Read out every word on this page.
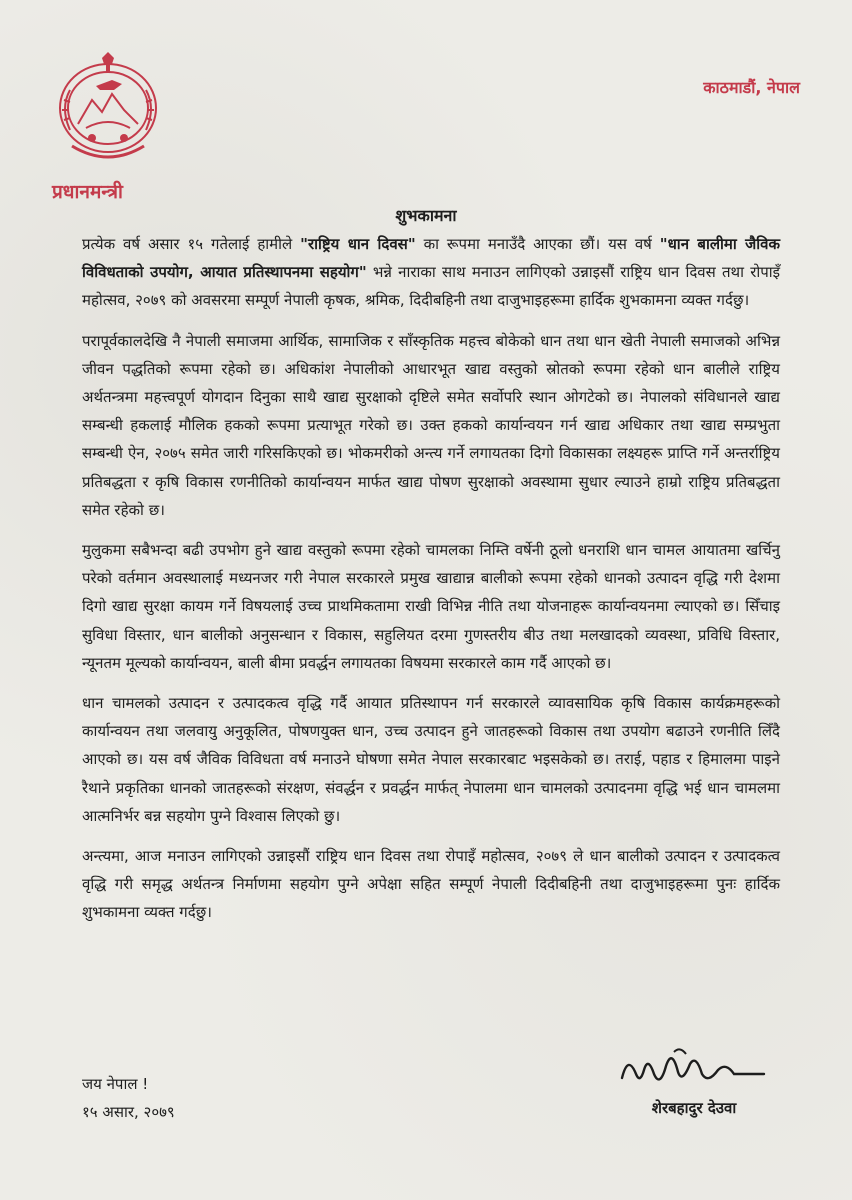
प्रधानमन्त्री
काठमाडौं, नेपाल
शुभकामना

प्रत्येक वर्ष असार १५ गतेलाई हामीले "राष्ट्रिय धान दिवस" का रूपमा मनाउँदै आएका छौं। यस वर्ष "धान बालीमा जैविक विविधताको उपयोग, आयात प्रतिस्थापनमा सहयोग" भन्ने नाराका साथ मनाउन लागिएको उन्नाइसौं राष्ट्रिय धान दिवस तथा रोपाइँ महोत्सव, २०७९ को अवसरमा सम्पूर्ण नेपाली कृषक, श्रमिक, दिदीबहिनी तथा दाजुभाइहरूमा हार्दिक शुभकामना व्यक्त गर्दछु।

परापूर्वकालदेखि नै नेपाली समाजमा आर्थिक, सामाजिक र साँस्कृतिक महत्त्व बोकेको धान तथा धान खेती नेपाली समाजको अभिन्न जीवन पद्धतिको रूपमा रहेको छ। अधिकांश नेपालीको आधारभूत खाद्य वस्तुको स्रोतको रूपमा रहेको धान बालीले राष्ट्रिय अर्थतन्त्रमा महत्त्वपूर्ण योगदान दिनुका साथै खाद्य सुरक्षाको दृष्टिले समेत सर्वोपरि स्थान ओगटेको छ। नेपालको संविधानले खाद्य सम्बन्धी हकलाई मौलिक हकको रूपमा प्रत्याभूत गरेको छ। उक्त हकको कार्यान्वयन गर्न खाद्य अधिकार तथा खाद्य सम्प्रभुता सम्बन्धी ऐन, २०७५ समेत जारी गरिसकिएको छ। भोकमरीको अन्त्य गर्ने लगायतका दिगो विकासका लक्ष्यहरू प्राप्ति गर्ने अन्तर्राष्ट्रिय प्रतिबद्धता र कृषि विकास रणनीतिको कार्यान्वयन मार्फत खाद्य पोषण सुरक्षाको अवस्थामा सुधार ल्याउने हाम्रो राष्ट्रिय प्रतिबद्धता समेत रहेको छ।

मुलुकमा सबैभन्दा बढी उपभोग हुने खाद्य वस्तुको रूपमा रहेको चामलका निम्ति वर्षेनी ठूलो धनराशि धान चामल आयातमा खर्चिनु परेको वर्तमान अवस्थालाई मध्यनजर गरी नेपाल सरकारले प्रमुख खाद्यान्न बालीको रूपमा रहेको धानको उत्पादन वृद्धि गरी देशमा दिगो खाद्य सुरक्षा कायम गर्ने विषयलाई उच्च प्राथमिकतामा राखी विभिन्न नीति तथा योजनाहरू कार्यान्वयनमा ल्याएको छ। सिँचाइ सुविधा विस्तार, धान बालीको अनुसन्धान र विकास, सहुलियत दरमा गुणस्तरीय बीउ तथा मलखादको व्यवस्था, प्रविधि विस्तार, न्यूनतम मूल्यको कार्यान्वयन, बाली बीमा प्रवर्द्धन लगायतका विषयमा सरकारले काम गर्दै आएको छ।

धान चामलको उत्पादन र उत्पादकत्व वृद्धि गर्दै आयात प्रतिस्थापन गर्न सरकारले व्यावसायिक कृषि विकास कार्यक्रमहरूको कार्यान्वयन तथा जलवायु अनुकूलित, पोषणयुक्त धान, उच्च उत्पादन हुने जातहरूको विकास तथा उपयोग बढाउने रणनीति लिँदै आएको छ। यस वर्ष जैविक विविधता वर्ष मनाउने घोषणा समेत नेपाल सरकारबाट भइसकेको छ। तराई, पहाड र हिमालमा पाइने रैथाने प्रकृतिका धानको जातहरूको संरक्षण, संवर्द्धन र प्रवर्द्धन मार्फत् नेपालमा धान चामलको उत्पादनमा वृद्धि भई धान चामलमा आत्मनिर्भर बन्न सहयोग पुग्ने विश्वास लिएको छु।

अन्त्यमा, आज मनाउन लागिएको उन्नाइसौं राष्ट्रिय धान दिवस तथा रोपाइँ महोत्सव, २०७९ ले धान बालीको उत्पादन र उत्पादकत्व वृद्धि गरी समृद्ध अर्थतन्त्र निर्माणमा सहयोग पुग्ने अपेक्षा सहित सम्पूर्ण नेपाली दिदीबहिनी तथा दाजुभाइहरूमा पुनः हार्दिक शुभकामना व्यक्त गर्दछु।

जय नेपाल !
१५ असार, २०७९	शेरबहादुर देउवा
